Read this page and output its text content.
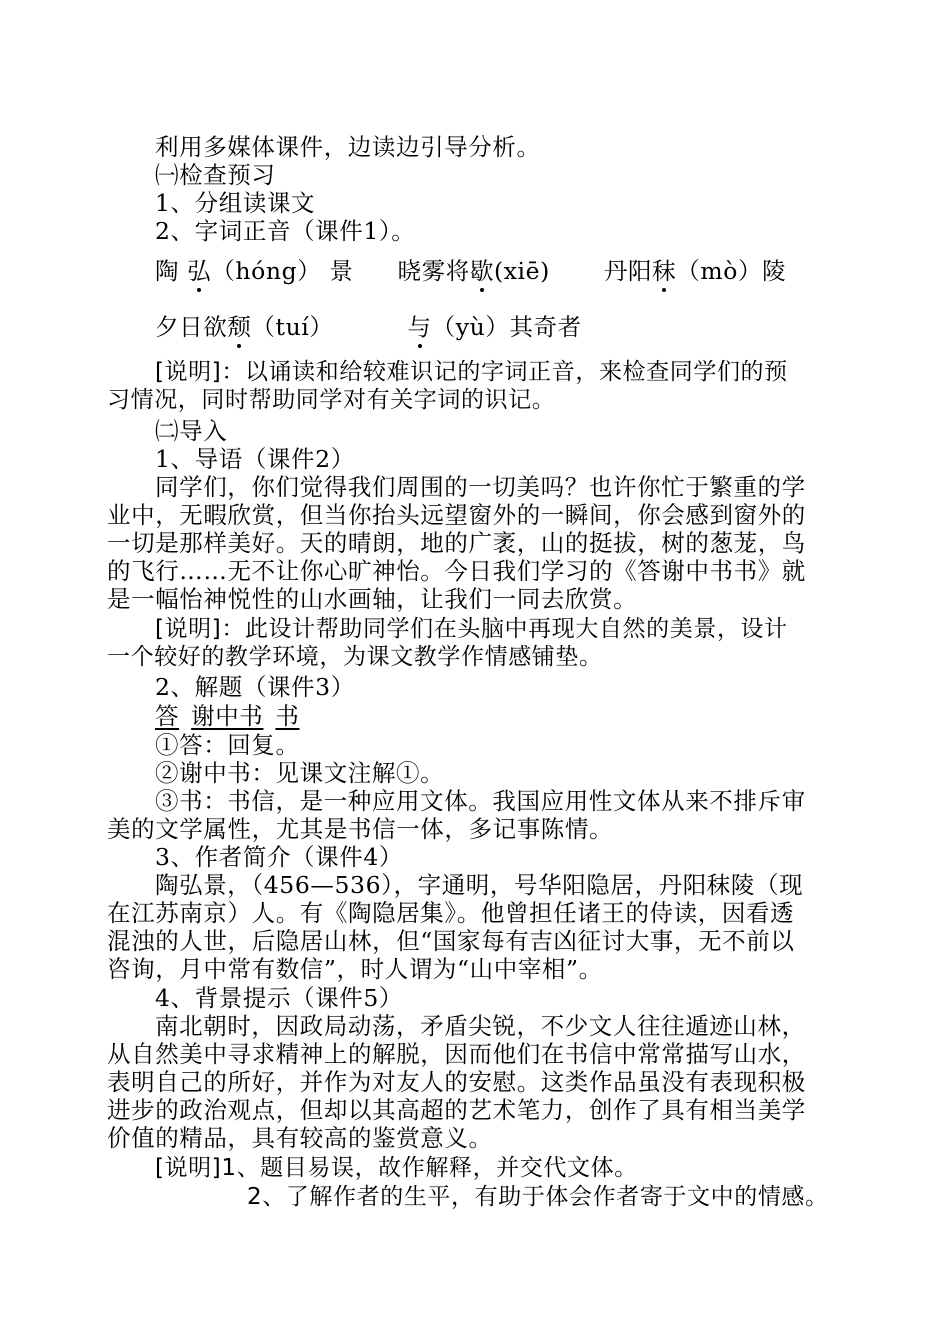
利用多媒体课件，边读边引导分析。
㈠检查预习
1、分组读课文
2、字词正音（课件1）。
陶 弘（hóng） 景 晓雾将歇(xiē) 丹阳秣（mò）陵
夕日欲颓（tuí）	与（yù）其奇者
[说明]：以诵读和给较难识记的字词正音，来检查同学们的预
习情况，同时帮助同学对有关字词的识记。
㈡导入
1、导语（课件2）
同学们，你们觉得我们周围的一切美吗？也许你忙于繁重的学
业中，无暇欣赏，但当你抬头远望窗外的一瞬间，你会感到窗外的
一切是那样美好。天的晴朗，地的广袤，山的挺拔，树的葱茏，鸟
的飞行……无不让你心旷神怡。今日我们学习的《答谢中书书》就
是一幅怡神悦性的山水画轴，让我们一同去欣赏。
[说明]：此设计帮助同学们在头脑中再现大自然的美景，设计
一个较好的教学环境，为课文教学作情感铺垫。
2、解题（课件3）
答 谢中书 书
①答：回复。
②谢中书：见课文注解①。
③书：书信，是一种应用文体。我国应用性文体从来不排斥审
美的文学属性，尤其是书信一体，多记事陈情。
3、作者简介（课件4）
陶弘景，（456—536），字通明，号华阳隐居，丹阳秣陵（现
在江苏南京）人。有《陶隐居集》。他曾担任诸王的侍读，因看透
混浊的人世，后隐居山林，但“国家每有吉凶征讨大事，无不前以
咨询，月中常有数信”，时人谓为“山中宰相”。
4、背景提示（课件5）
南北朝时，因政局动荡，矛盾尖锐，不少文人往往遁迹山林，
从自然美中寻求精神上的解脱，因而他们在书信中常常描写山水，
表明自己的所好，并作为对友人的安慰。这类作品虽没有表现积极
进步的政治观点，但却以其高超的艺术笔力，创作了具有相当美学
价值的精品，具有较高的鉴赏意义。
[说明]1、题目易误，故作解释，并交代文体。
2、了解作者的生平，有助于体会作者寄于文中的情感。
